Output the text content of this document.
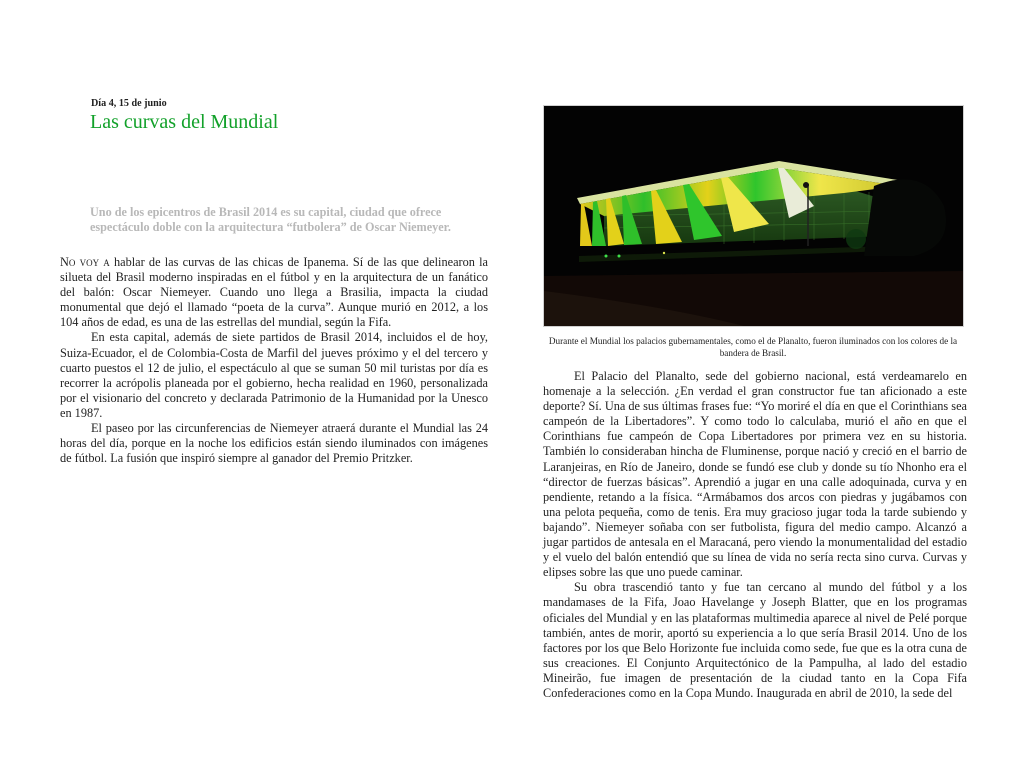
Día 4, 15 de junio
Las curvas del Mundial
Uno de los epicentros de Brasil 2014 es su capital, ciudad que ofrece espectáculo doble con la arquitectura “futbolera” de Oscar Niemeyer.

No voy a hablar de las curvas de las chicas de Ipanema. Sí de las que delinearon la silueta del Brasil moderno inspiradas en el fútbol y en la arquitectura de un fanático del balón: Oscar Niemeyer. Cuando uno llega a Brasilia, impacta la ciudad monumental que dejó el llamado “poeta de la curva”. Aunque murió en 2012, a los 104 años de edad, es una de las estrellas del mundial, según la Fifa.

En esta capital, además de siete partidos de Brasil 2014, incluidos el de hoy, Suiza-Ecuador, el de Colombia-Costa de Marfil del jueves próximo y el del tercero y cuarto puestos el 12 de julio, el espectáculo al que se suman 50 mil turistas por día es recorrer la acrópolis planeada por el gobierno, hecha realidad en 1960, personalizada por el visionario del concreto y declarada Patrimonio de la Humanidad por la Unesco en 1987.

El paseo por las circunferencias de Niemeyer atraerá durante el Mundial las 24 horas del día, porque en la noche los edificios están siendo iluminados con imágenes de fútbol. La fusión que inspiró siempre al ganador del Premio Pritzker.

Durante el Mundial los palacios gubernamentales, como el de Planalto, fueron iluminados con los colores de la bandera de Brasil.

El Palacio del Planalto, sede del gobierno nacional, está verdeamarelo en homenaje a la selección. ¿En verdad el gran constructor fue tan aficionado a este deporte? Sí. Una de sus últimas frases fue: “Yo moriré el día en que el Corinthians sea campeón de la Libertadores”. Y como todo lo calculaba, murió el año en que el Corinthians fue campeón de Copa Libertadores por primera vez en su historia. También lo consideraban hincha de Fluminense, porque nació y creció en el barrio de Laranjeiras, en Río de Janeiro, donde se fundó ese club y donde su tío Nhonho era el “director de fuerzas básicas”. Aprendió a jugar en una calle adoquinada, curva y en pendiente, retando a la física. “Armábamos dos arcos con piedras y jugábamos con una pelota pequeña, como de tenis. Era muy gracioso jugar toda la tarde subiendo y bajando”. Niemeyer soñaba con ser futbolista, figura del medio campo. Alcanzó a jugar partidos de antesala en el Maracaná, pero viendo la monumentalidad del estadio y el vuelo del balón entendió que su línea de vida no sería recta sino curva. Curvas y elipses sobre las que uno puede caminar.

Su obra trascendió tanto y fue tan cercano al mundo del fútbol y a los mandamases de la Fifa, Joao Havelange y Joseph Blatter, que en los programas oficiales del Mundial y en las plataformas multimedia aparece al nivel de Pelé porque también, antes de morir, aportó su experiencia a lo que sería Brasil 2014. Uno de los factores por los que Belo Horizonte fue incluida como sede, fue que es la otra cuna de sus creaciones. El Conjunto Arquitectónico de la Pampulha, al lado del estadio Mineirão, fue imagen de presentación de la ciudad tanto en la Copa Fifa Confederaciones como en la Copa Mundo. Inaugurada en abril de 2010, la sede del
